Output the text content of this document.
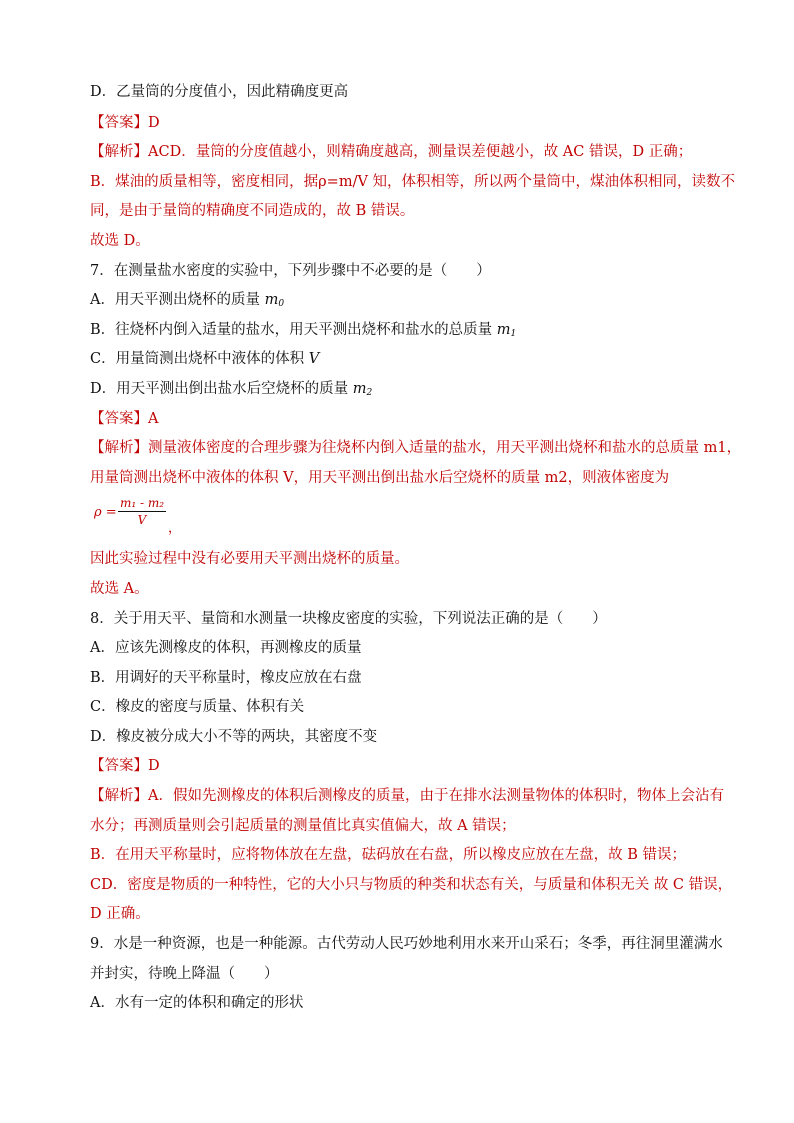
D．乙量筒的分度值小，因此精确度更高
【答案】D
【解析】ACD．量筒的分度值越小，则精确度越高，测量误差便越小，故 AC 错误，D 正确；
B．煤油的质量相等，密度相同，据ρ=m/V 知，体积相等，所以两个量筒中，煤油体积相同，读数不
同，是由于量筒的精确度不同造成的，故 B 错误。
故选 D。
7．在测量盐水密度的实验中，下列步骤中不必要的是（　　）
A．用天平测出烧杯的质量 $m_0$
B．往烧杯内倒入适量的盐水，用天平测出烧杯和盐水的总质量 $m_1$
C．用量筒测出烧杯中液体的体积 V
D．用天平测出倒出盐水后空烧杯的质量 $m_2$
【答案】A
【解析】测量液体密度的合理步骤为往烧杯内倒入适量的盐水，用天平测出烧杯和盐水的总质量 m1，
用量筒测出烧杯中液体的体积 V，用天平测出倒出盐水后空烧杯的质量 m2，则液体密度为
$\rho = \frac{\text{m₁ - m₂}}{V}$
，
因此实验过程中没有必要用天平测出烧杯的质量。
故选 A。
8．关于用天平、量筒和水测量一块橡皮密度的实验，下列说法正确的是（　　）
A．应该先测橡皮的体积，再测橡皮的质量
B．用调好的天平称量时，橡皮应放在右盘
C．橡皮的密度与质量、体积有关
D．橡皮被分成大小不等的两块，其密度不变
【答案】D
【解析】A．假如先测橡皮的体积后测橡皮的质量，由于在排水法测量物体的体积时，物体上会沾有
水分；再测质量则会引起质量的测量值比真实值偏大，故 A 错误；
B．在用天平称量时，应将物体放在左盘，砝码放在右盘，所以橡皮应放在左盘，故 B 错误；
CD．密度是物质的一种特性，它的大小只与物质的种类和状态有关，与质量和体积无关 故 C 错误，
D 正确。
9．水是一种资源，也是一种能源。古代劳动人民巧妙地利用水来开山采石；冬季，再往洞里灌满水
并封实，待晚上降温（　　）
A．水有一定的体积和确定的形状
